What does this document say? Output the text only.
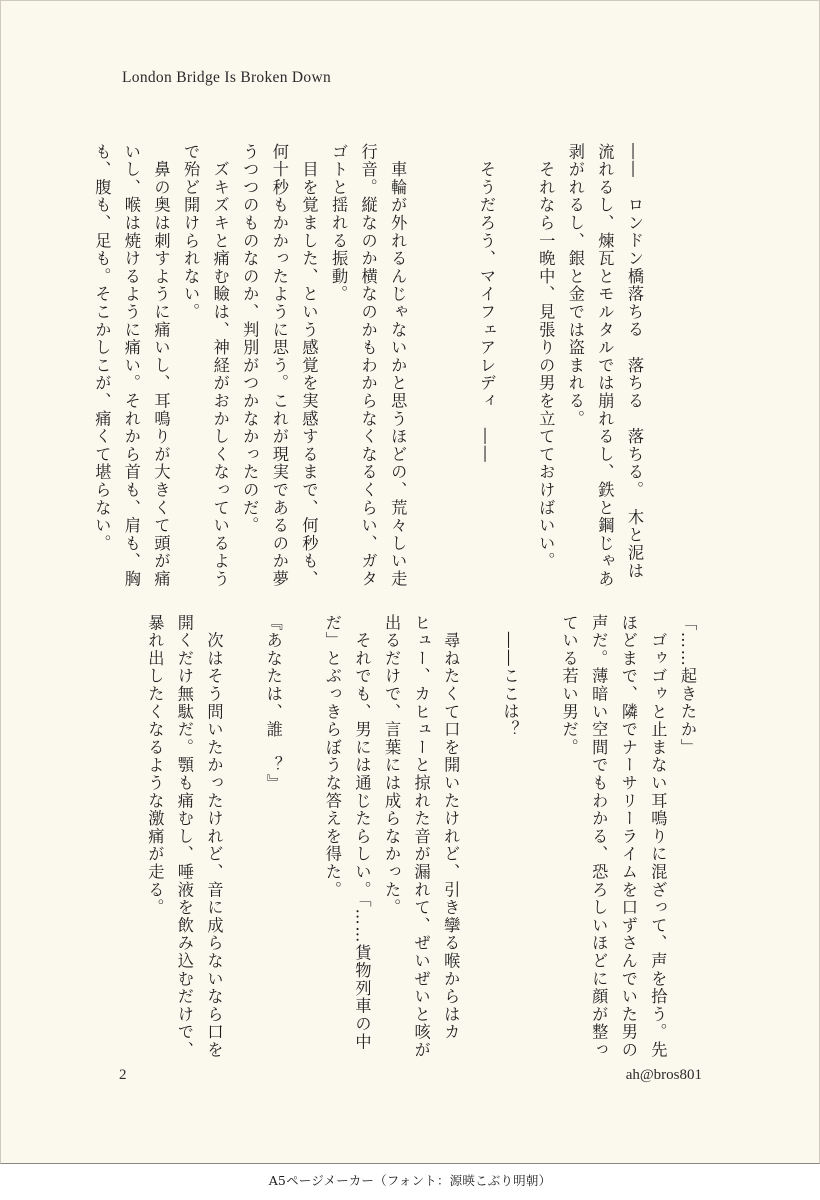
London Bridge Is Broken Down
――　ロンドン橋落ちる　落ちる　落ちる。　木と泥は
流れるし、煉瓦とモルタルでは崩れるし、鉄と鋼じゃあ
剥がれるし、銀と金では盗まれる。
　それなら一晩中、見張りの男を立てておけばいい。

　そうだろう、マイフェアレディ　――

　車輪が外れるんじゃないかと思うほどの、荒々しい走
行音。縦なのか横なのかもわからなくなるくらい、ガタ
ゴトと揺れる振動。
　目を覚ました、という感覚を実感するまで、何秒も、
何十秒もかかったように思う。これが現実であるのか夢
うつつのものなのか、判別がつかなかったのだ。
　ズキズキと痛む瞼は、神経がおかしくなっているよう
で殆ど開けられない。
　鼻の奥は刺すように痛いし、耳鳴りが大きくて頭が痛
いし、喉は焼けるように痛い。それから首も、肩も、胸
も、腹も、足も。そこかしこが、痛くて堪らない。
「……起きたか」
　ゴゥゴゥと止まない耳鳴りに混ざって、声を拾う。先
ほどまで、隣でナーサリーライムを口ずさんでいた男の
声だ。薄暗い空間でもわかる、恐ろしいほどに顔が整っ
ている若い男だ。

　――ここは？

　尋ねたくて口を開いたけれど、引き攣る喉からはカ
ヒュー、カヒューと掠れた音が漏れて、ぜいぜいと咳が
出るだけで、言葉には成らなかった。
　それでも、男には通じたらしい。「……貨物列車の中
だ」とぶっきらぼうな答えを得た。

『あなたは、誰　？』

　次はそう問いたかったけれど、音に成らないなら口を
開くだけ無駄だ。顎も痛むし、唾液を飲み込むだけで、
暴れ出したくなるような激痛が走る。
2	ah@bros801
A5ページメーカー（フォント：源暎こぶり明朝）
